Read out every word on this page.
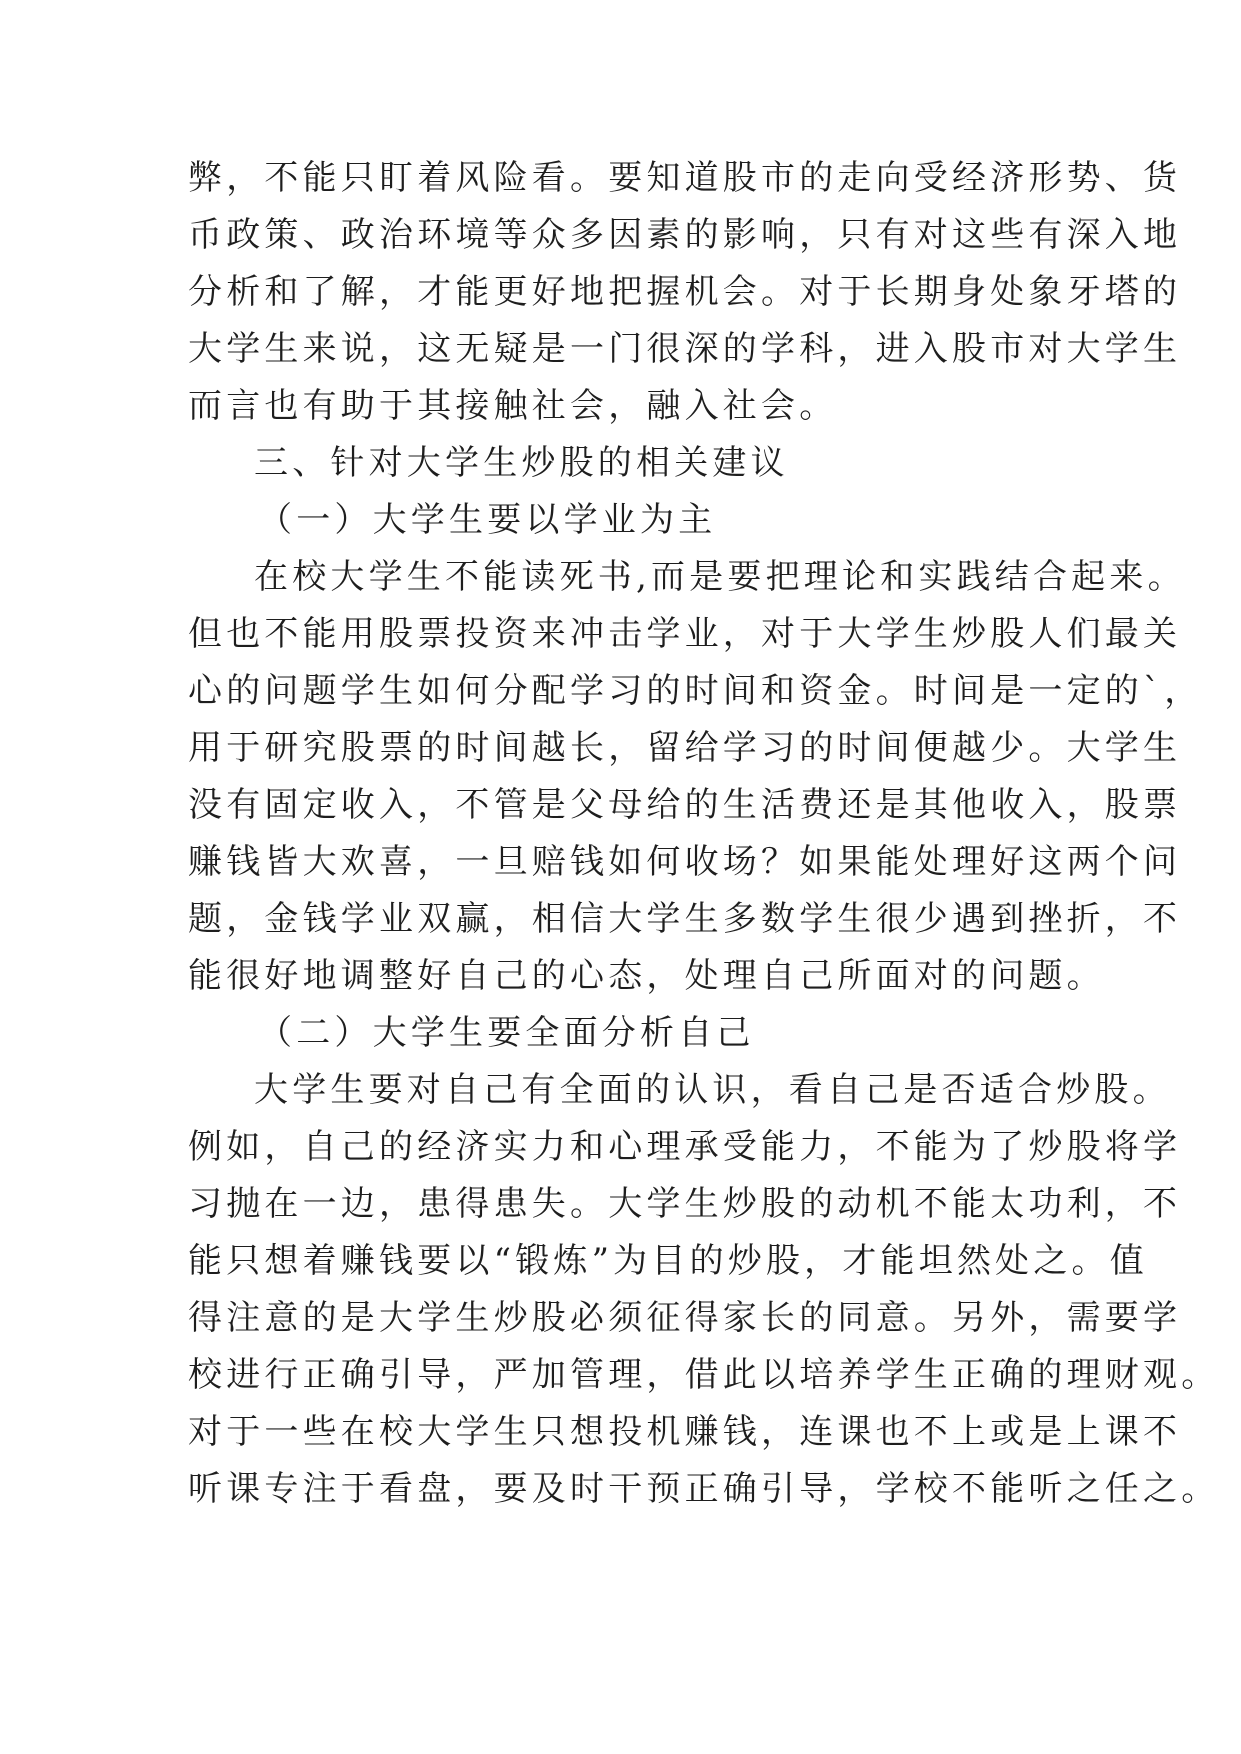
弊，不能只盯着风险看。要知道股市的走向受经济形势、货
币政策、政治环境等众多因素的影响，只有对这些有深入地
分析和了解，才能更好地把握机会。对于长期身处象牙塔的
大学生来说，这无疑是一门很深的学科，进入股市对大学生
而言也有助于其接触社会，融入社会。
三、针对大学生炒股的相关建议
（一）大学生要以学业为主
在校大学生不能读死书,而是要把理论和实践结合起来。
但也不能用股票投资来冲击学业，对于大学生炒股人们最关
心的问题学生如何分配学习的时间和资金。时间是一定的`，
用于研究股票的时间越长，留给学习的时间便越少。大学生
没有固定收入，不管是父母给的生活费还是其他收入，股票
赚钱皆大欢喜，一旦赔钱如何收场？如果能处理好这两个问
题，金钱学业双赢，相信大学生多数学生很少遇到挫折，不
能很好地调整好自己的心态，处理自己所面对的问题。
（二）大学生要全面分析自己
大学生要对自己有全面的认识，看自己是否适合炒股。
例如，自己的经济实力和心理承受能力，不能为了炒股将学
习抛在一边，患得患失。大学生炒股的动机不能太功利，不
能只想着赚钱要以“锻炼”为目的炒股，才能坦然处之。值
得注意的是大学生炒股必须征得家长的同意。另外，需要学
校进行正确引导，严加管理，借此以培养学生正确的理财观。
对于一些在校大学生只想投机赚钱，连课也不上或是上课不
听课专注于看盘，要及时干预正确引导，学校不能听之任之。
